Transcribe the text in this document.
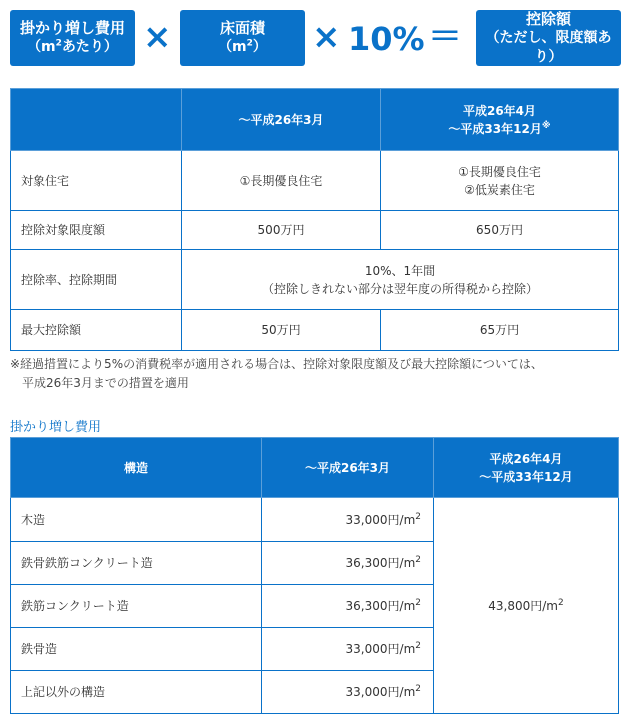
掛かり増し費用
（$m^2$あたり） ×	床面積
$(m^2) \times 10\%$ ＝	控除額
（ただし、限度額あり）
	～平成26年3月	平成26年4月
～平成33年12月※

対象住宅	①長期優良住宅	①長期優良住宅
②低炭素住宅

控除対象限度額	500万円	650万円
控除率、控除期間	10%、1年間
（控除しきれない部分は翌年度の所得税から控除）	

最大控除額	50万円	65万円
※経過措置により5%の消費税率が適用される場合は、控除対象限度額及び最大控除額については、
平成26年3月までの措置を適用
掛かり増し費用
構造	～平成26年3月	平成26年4月
～平成33年12月

木造	33,000円$/m^2$	43,800円$/m^2$
鉄骨鉄筋コンクリート造	36,300円$/m^2$
鉄筋コンクリート造	36,300円$/m^2$
鉄骨造	33,000円$/m^2$
上記以外の構造	33,000円$/m^2$
